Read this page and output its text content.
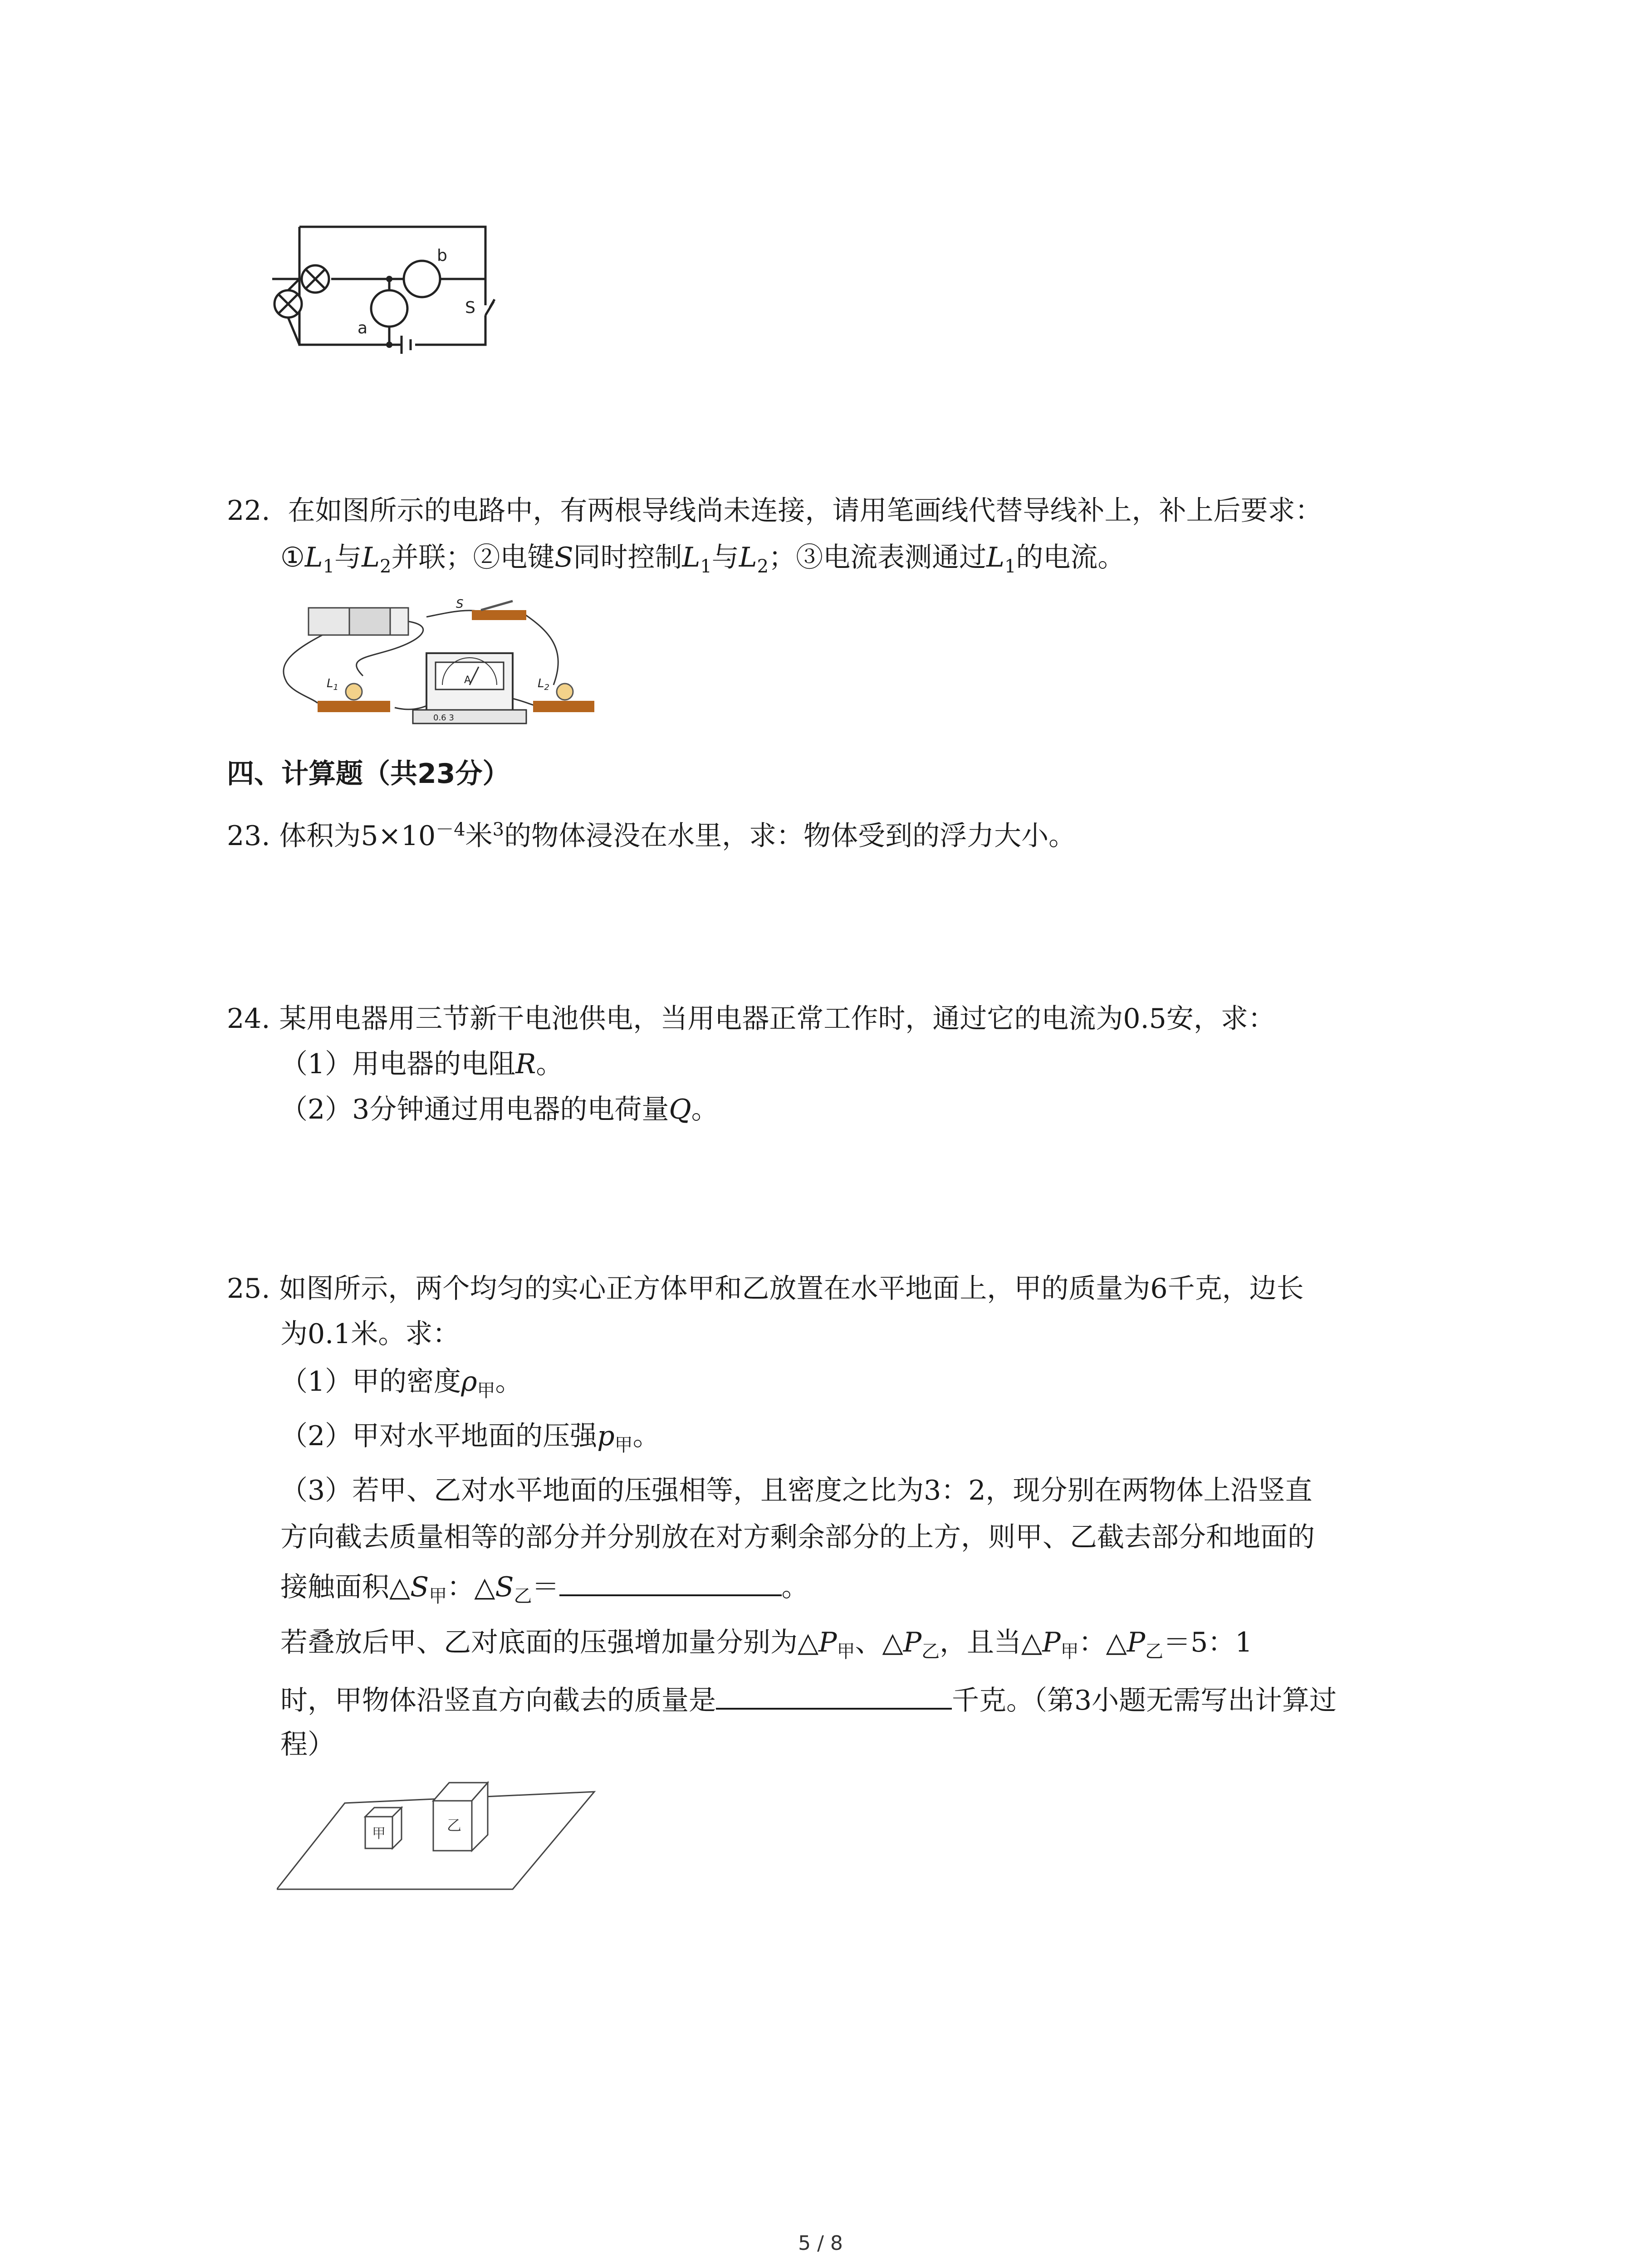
b
a
S
22. 在如图所示的电路中，有两根导线尚未连接，请用笔画线代替导线补上，补上后要求：
$①L_1$与$L_2$并联；②电键S同时控制$L_1$与$L_2$；③电流表测通过$L_1$的电流。
S
$L_1$
A
0.6 3
$L_2$
四、计算题（共23分）
23. 体积为$5\times 10^{-4}$米$^3$的物体浸没在水里，求：物体受到的浮力大小。
24. 某用电器用三节新干电池供电，当用电器正常工作时，通过它的电流为0.5安，求：
（1）用电器的电阻R。
（2）3分钟通过用电器的电荷量Q。
25. 如图所示，两个均匀的实心正方体甲和乙放置在水平地面上，甲的质量为6千克，边长
为0.1米。求：
（1）甲的密度$\rho_甲$。
（2）甲对水平地面的压强$p_甲$。
（3）若甲、乙对水平地面的压强相等，且密度之比为3：2，现分别在两物体上沿竖直
方向截去质量相等的部分并分别放在对方剩余部分的上方，则甲、乙截去部分和地面的
接触面积$\triangle S_甲$：$\triangle S_乙=$	。
若叠放后甲、乙对底面的压强增加量分别为$\triangle P_甲$、$\triangle P_乙$，且当$\triangle P_甲$：$\triangle P_乙=5$：1
时，甲物体沿竖直方向截去的质量是	千克。（第3小题无需写出计算过
程）
甲	乙
5 / 8
